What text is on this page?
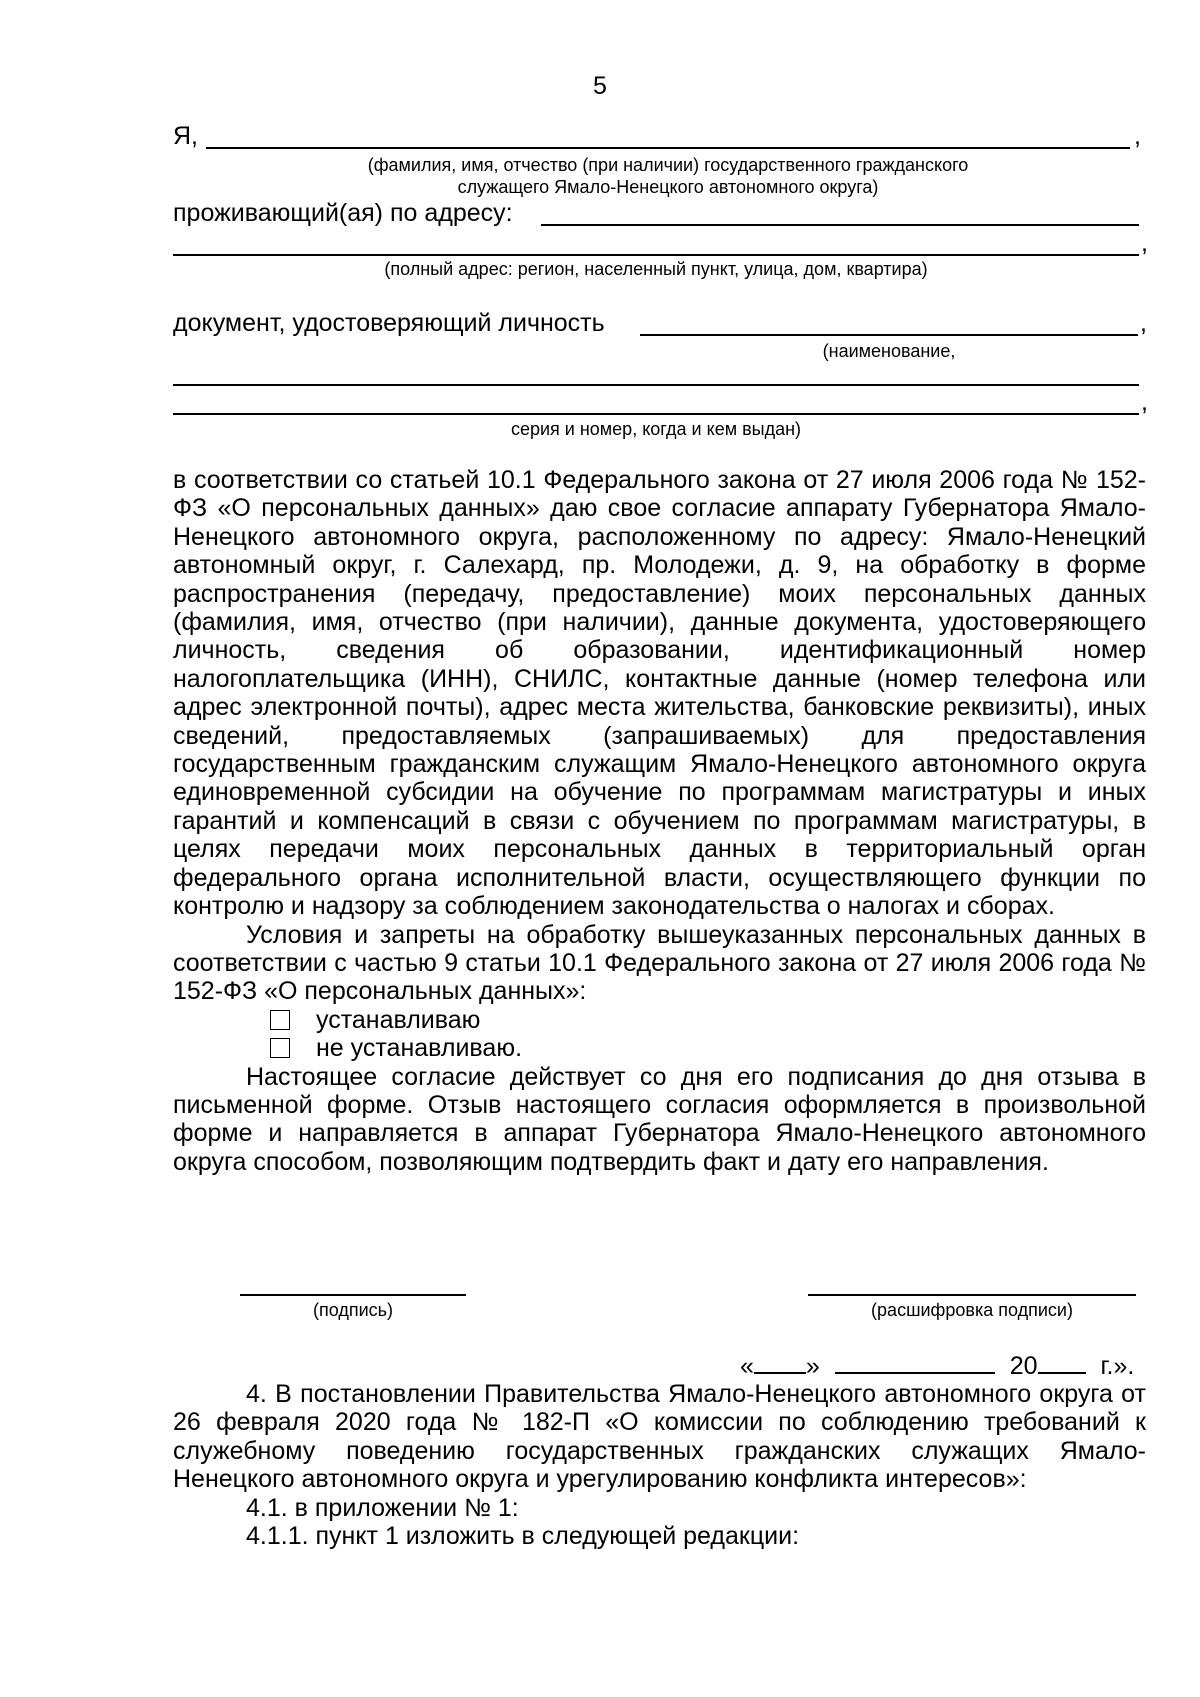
5
Я,	,
(фамилия, имя, отчество (при наличии) государственного гражданского
служащего Ямало-Ненецкого автономного округа)
проживающий(ая) по адресу:
,
(полный адрес: регион, населенный пункт, улица, дом, квартира)
документ, удостоверяющий личность	,
(наименование,
,
серия и номер, когда и кем выдан)

в соответствии со статьей 10.1 Федерального закона от 27 июля 2006 года № 152-ФЗ «О персональных данных» даю свое согласие аппарату Губернатора Ямало-Ненецкого автономного округа, расположенному по адресу: Ямало-Ненецкий автономный округ, г. Салехард, пр. Молодежи, д. 9, на обработку в форме распространения (передачу, предоставление) моих персональных данных (фамилия, имя, отчество (при наличии), данные документа, удостоверяющего личность, сведения об образовании, идентификационный номер налогоплательщика (ИНН), СНИЛС, контактные данные (номер телефона или адрес электронной почты), адрес места жительства, банковские реквизиты), иных сведений, предоставляемых (запрашиваемых) для предоставления государственным гражданским служащим Ямало-Ненецкого автономного округа единовременной субсидии на обучение по программам магистратуры и иных гарантий и компенсаций в связи с обучением по программам магистратуры, в целях передачи моих персональных данных в территориальный орган федерального органа исполнительной власти, осуществляющего функции по контролю и надзору за соблюдением законодательства о налогах и сборах.

Условия и запреты на обработку вышеуказанных персональных данных в соответствии с частью 9 статьи 10.1 Федерального закона от 27 июля 2006 года № 152-ФЗ «О персональных данных»:

устанавливаю
не устанавливаю.

Настоящее согласие действует со дня его подписания до дня отзыва в письменной форме. Отзыв настоящего согласия оформляется в произвольной форме и направляется в аппарат Губернатора Ямало-Ненецкого автономного округа способом, позволяющим подтвердить факт и дату его направления.

(подпись)	(расшифровка подписи)
« »	20	г.».

4. В постановлении Правительства Ямало-Ненецкого автономного округа от 26 февраля 2020 года № 182-П «О комиссии по соблюдению требований к служебному поведению государственных гражданских служащих Ямало-Ненецкого автономного округа и урегулированию конфликта интересов»:

4.1. в приложении № 1:

4.1.1. пункт 1 изложить в следующей редакции:
